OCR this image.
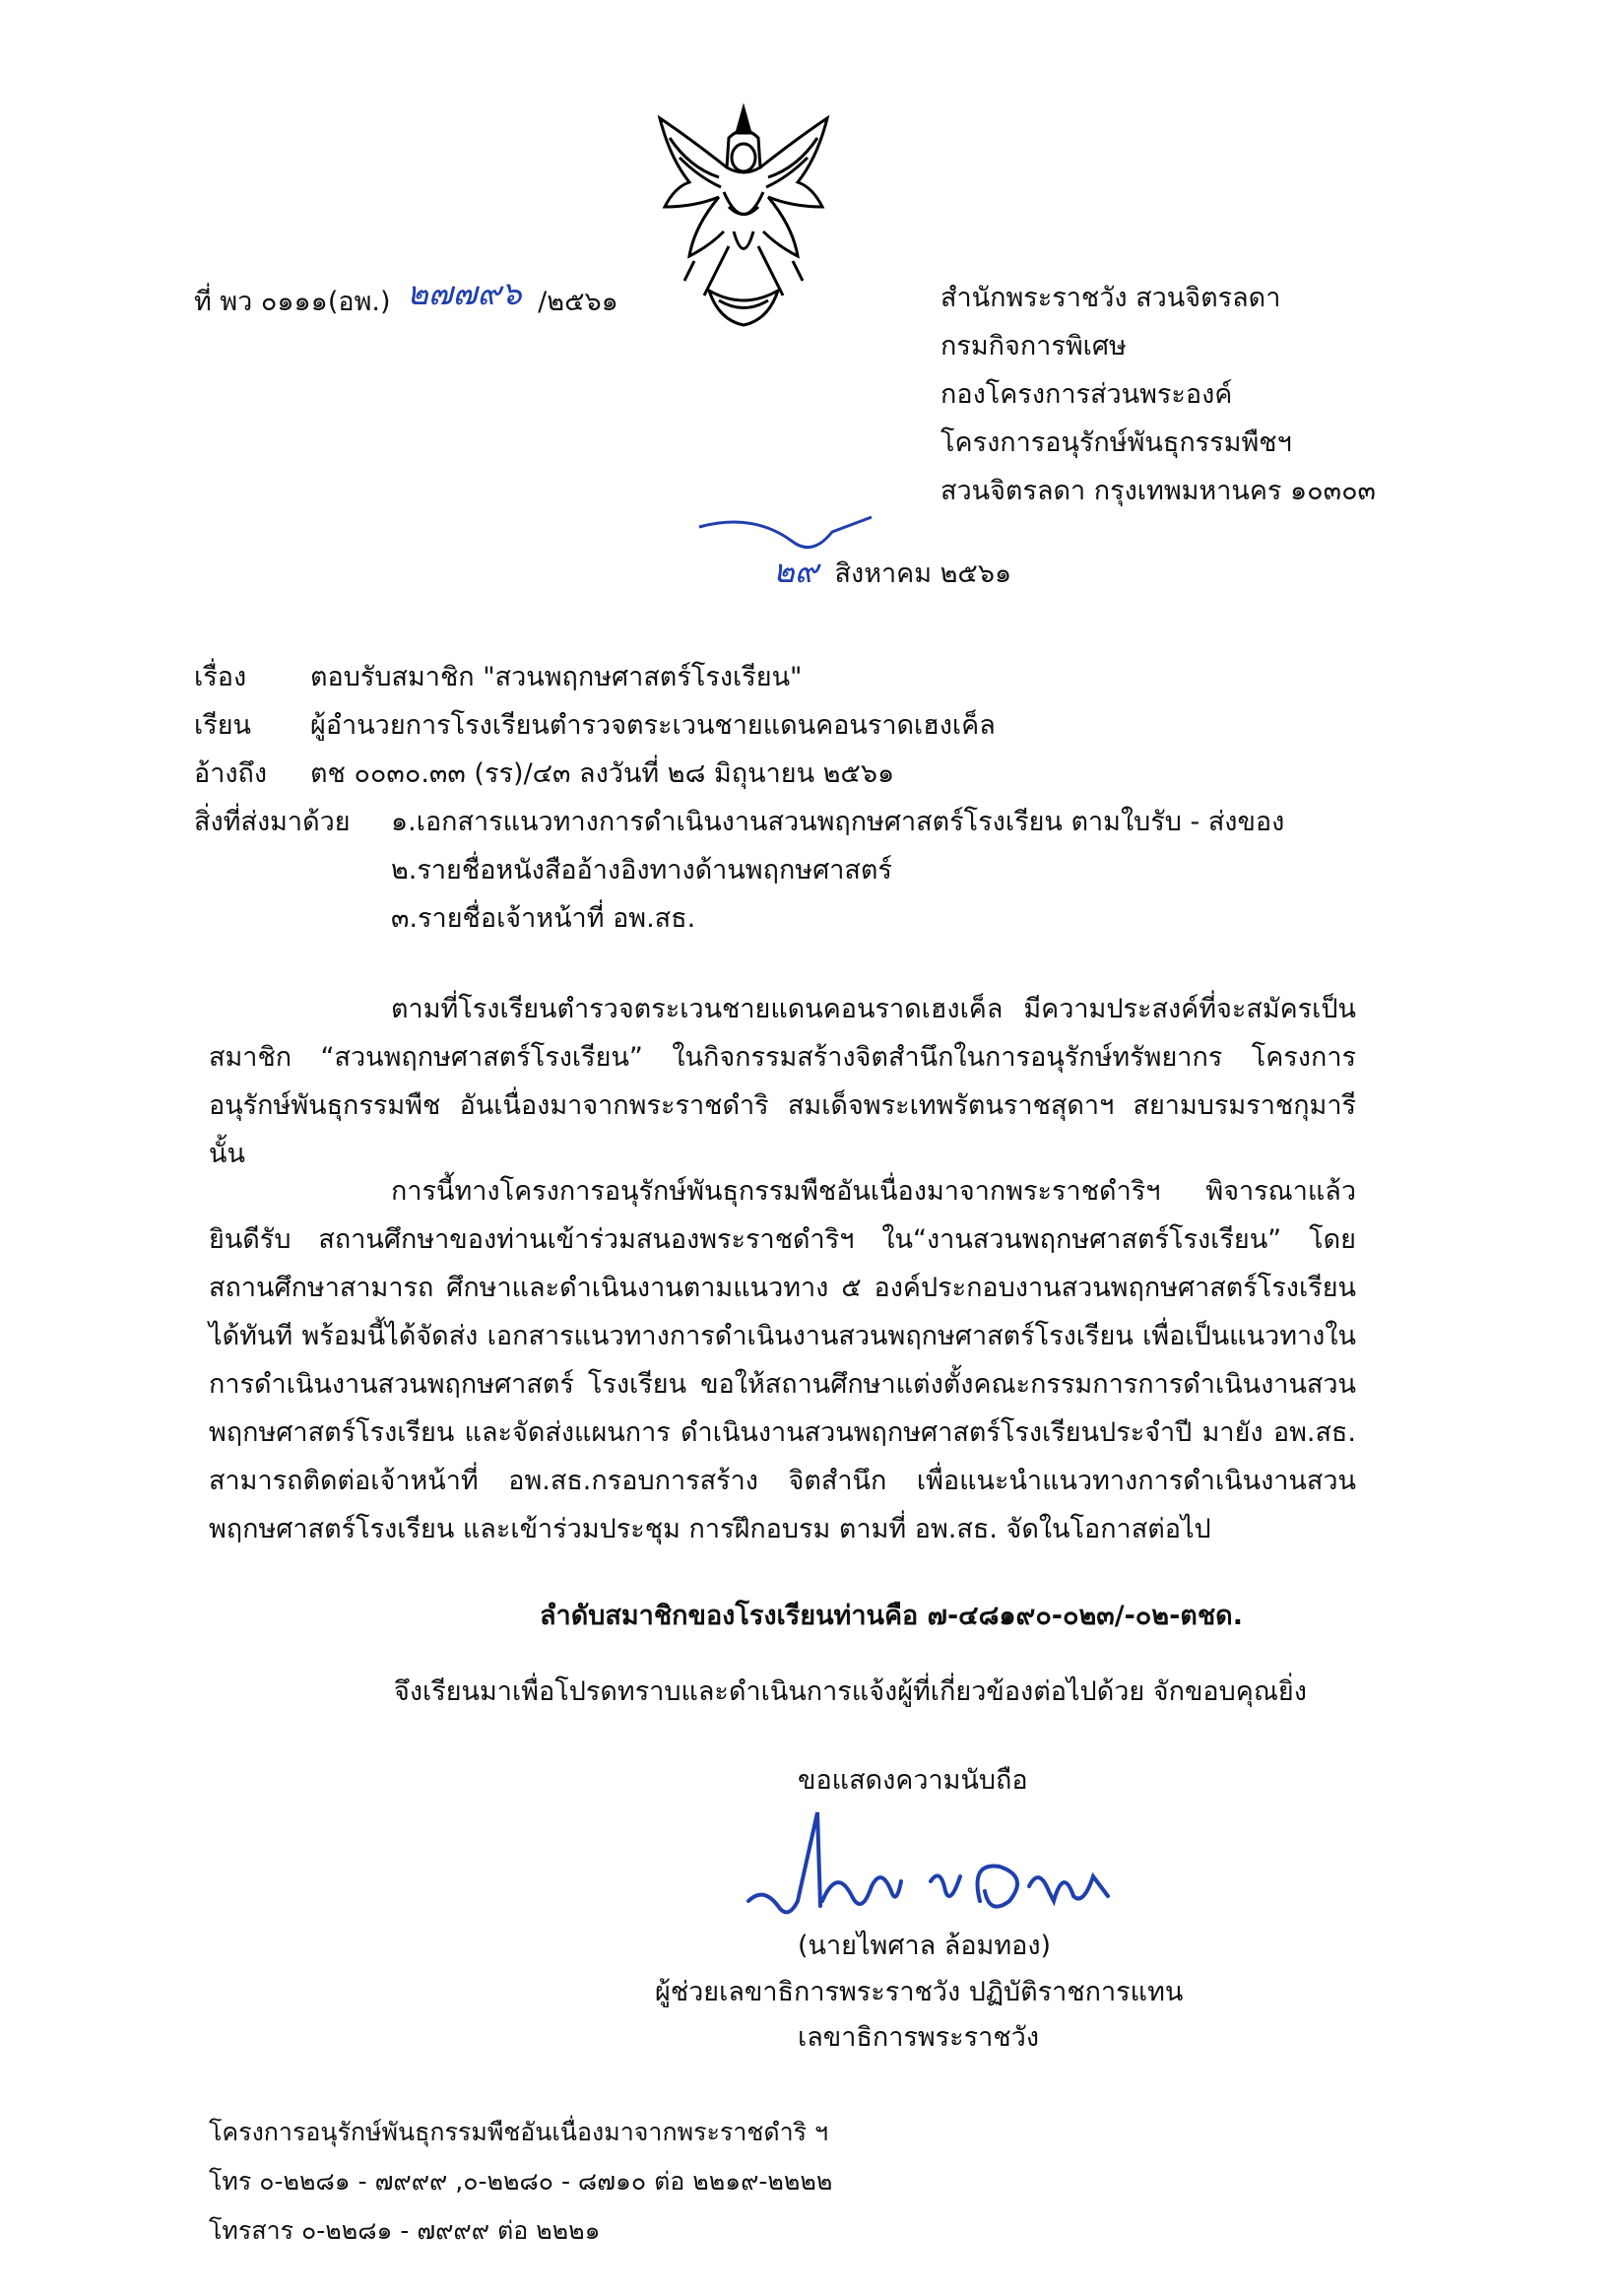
ที่ พว ๐๑๑๑(อพ.) ๒๗๗๙๖ /๒๕๖๑	สำนักพระราชวัง สวนจิตรลดา
กรมกิจการพิเศษ
กองโครงการส่วนพระองค์
โครงการอนุรักษ์พันธุกรรมพืชฯ
สวนจิตรลดา กรุงเทพมหานคร ๑๐๓๐๓
๒๙ สิงหาคม ๒๕๖๑
เรื่อง	ตอบรับสมาชิก "สวนพฤกษศาสตร์โรงเรียน"
เรียน	ผู้อำนวยการโรงเรียนตำรวจตระเวนชายแดนคอนราดเฮงเค็ล
อ้างถึง	ตช ๐๐๓๐.๓๓ (รร)/๔๓ ลงวันที่ ๒๘ มิถุนายน ๒๕๖๑
สิ่งที่ส่งมาด้วย ๑.เอกสารแนวทางการดำเนินงานสวนพฤกษศาสตร์โรงเรียน ตามใบรับ - ส่งของ
๒.รายชื่อหนังสืออ้างอิงทางด้านพฤกษศาสตร์
๓.รายชื่อเจ้าหน้าที่ อพ.สธ.
ตามที่โรงเรียนตำรวจตระเวนชายแดนคอนราดเฮงเค็ล มีความประสงค์ที่จะสมัครเป็นสมาชิก “สวนพฤกษศาสตร์โรงเรียน” ในกิจกรรมสร้างจิตสำนึกในการอนุรักษ์ทรัพยากร โครงการอนุรักษ์พันธุกรรมพืช อันเนื่องมาจากพระราชดำริ สมเด็จพระเทพรัตนราชสุดาฯ สยามบรมราชกุมารี นั้น
การนี้ทางโครงการอนุรักษ์พันธุกรรมพืชอันเนื่องมาจากพระราชดำริฯ พิจารณาแล้ว ยินดีรับ สถานศึกษาของท่านเข้าร่วมสนองพระราชดำริฯ ใน“งานสวนพฤกษศาสตร์โรงเรียน” โดยสถานศึกษาสามารถ ศึกษาและดำเนินงานตามแนวทาง ๕ องค์ประกอบงานสวนพฤกษศาสตร์โรงเรียนได้ทันที พร้อมนี้ได้จัดส่ง เอกสารแนวทางการดำเนินงานสวนพฤกษศาสตร์โรงเรียน เพื่อเป็นแนวทางในการดำเนินงานสวนพฤกษศาสตร์ โรงเรียน ขอให้สถานศึกษาแต่งตั้งคณะกรรมการการดำเนินงานสวนพฤกษศาสตร์โรงเรียน และจัดส่งแผนการ ดำเนินงานสวนพฤกษศาสตร์โรงเรียนประจำปี มายัง อพ.สธ. สามารถติดต่อเจ้าหน้าที่ อพ.สธ.กรอบการสร้าง จิตสำนึก เพื่อแนะนำแนวทางการดำเนินงานสวนพฤกษศาสตร์โรงเรียน และเข้าร่วมประชุม การฝึกอบรม ตามที่ อพ.สธ. จัดในโอกาสต่อไป
ลำดับสมาชิกของโรงเรียนท่านคือ ๗-๔๘๑๙๐-๐๒๓/-๐๒-ตชด.
จึงเรียนมาเพื่อโปรดทราบและดำเนินการแจ้งผู้ที่เกี่ยวข้องต่อไปด้วย จักขอบคุณยิ่ง
ขอแสดงความนับถือ
(นายไพศาล ล้อมทอง)
ผู้ช่วยเลขาธิการพระราชวัง ปฏิบัติราชการแทน
เลขาธิการพระราชวัง
โครงการอนุรักษ์พันธุกรรมพืชอันเนื่องมาจากพระราชดำริ ฯ
โทร ๐-๒๒๘๑ - ๗๙๙๙ ,๐-๒๒๘๐ - ๘๗๑๐ ต่อ ๒๒๑๙-๒๒๒๒
โทรสาร ๐-๒๒๘๑ - ๗๙๙๙ ต่อ ๒๒๒๑
